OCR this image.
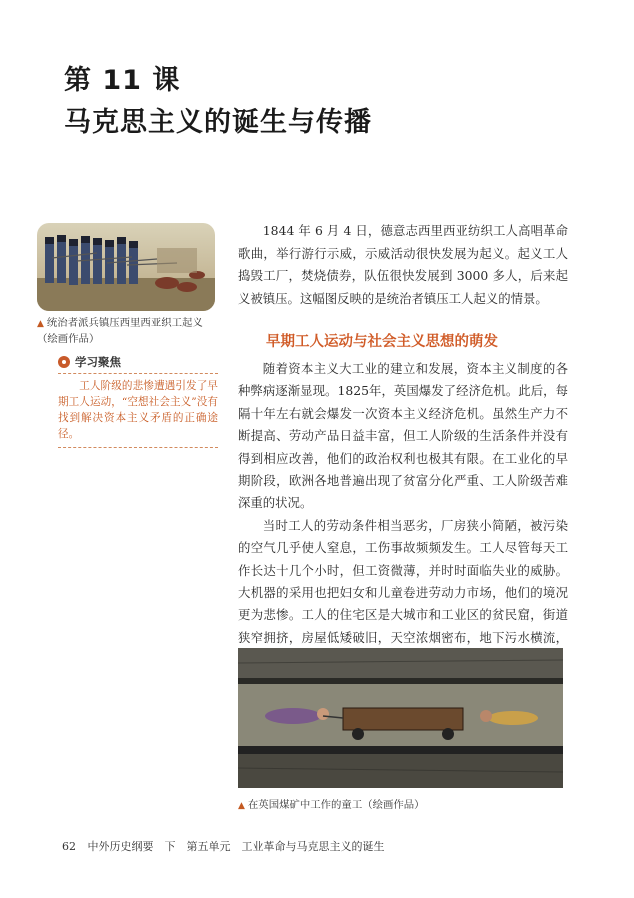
第 11 课
马克思主义的诞生与传播
▲ 统治者派兵镇压西里西亚织工起义（绘画作品）

1844 年 6 月 4 日，德意志西里西亚纺织工人高唱革命歌曲，举行游行示威，示威活动很快发展为起义。起义工人捣毁工厂，焚烧债券，队伍很快发展到 3000 多人，后来起义被镇压。这幅图反映的是统治者镇压工人起义的情景。

学习聚焦
工人阶级的悲惨遭遇引发了早期工人运动，“空想社会主义”没有找到解决资本主义矛盾的正确途径。
早期工人运动与社会主义思想的萌发

随着资本主义大工业的建立和发展，资本主义制度的各种弊病逐渐显现。1825年，英国爆发了经济危机。此后，每隔十年左右就会爆发一次资本主义经济危机。虽然生产力不断提高、劳动产品日益丰富，但工人阶级的生活条件并没有得到相应改善，他们的政治权利也极其有限。在工业化的早期阶段，欧洲各地普遍出现了贫富分化严重、工人阶级苦难深重的状况。

当时工人的劳动条件相当恶劣，厂房狭小简陋，被污染的空气几乎使人窒息，工伤事故频频发生。工人尽管每天工作长达十几个小时，但工资微薄，并时时面临失业的威胁。大机器的采用也把妇女和儿童卷进劳动力市场，他们的境况更为悲惨。工人的住宅区是大城市和工业区的贫民窟，街道狭窄拥挤，房屋低矮破旧，天空浓烟密布，地下污水横流，

▲ 在英国煤矿中工作的童工（绘画作品）
62 中外历史纲要　下　第五单元　工业革命与马克思主义的诞生
